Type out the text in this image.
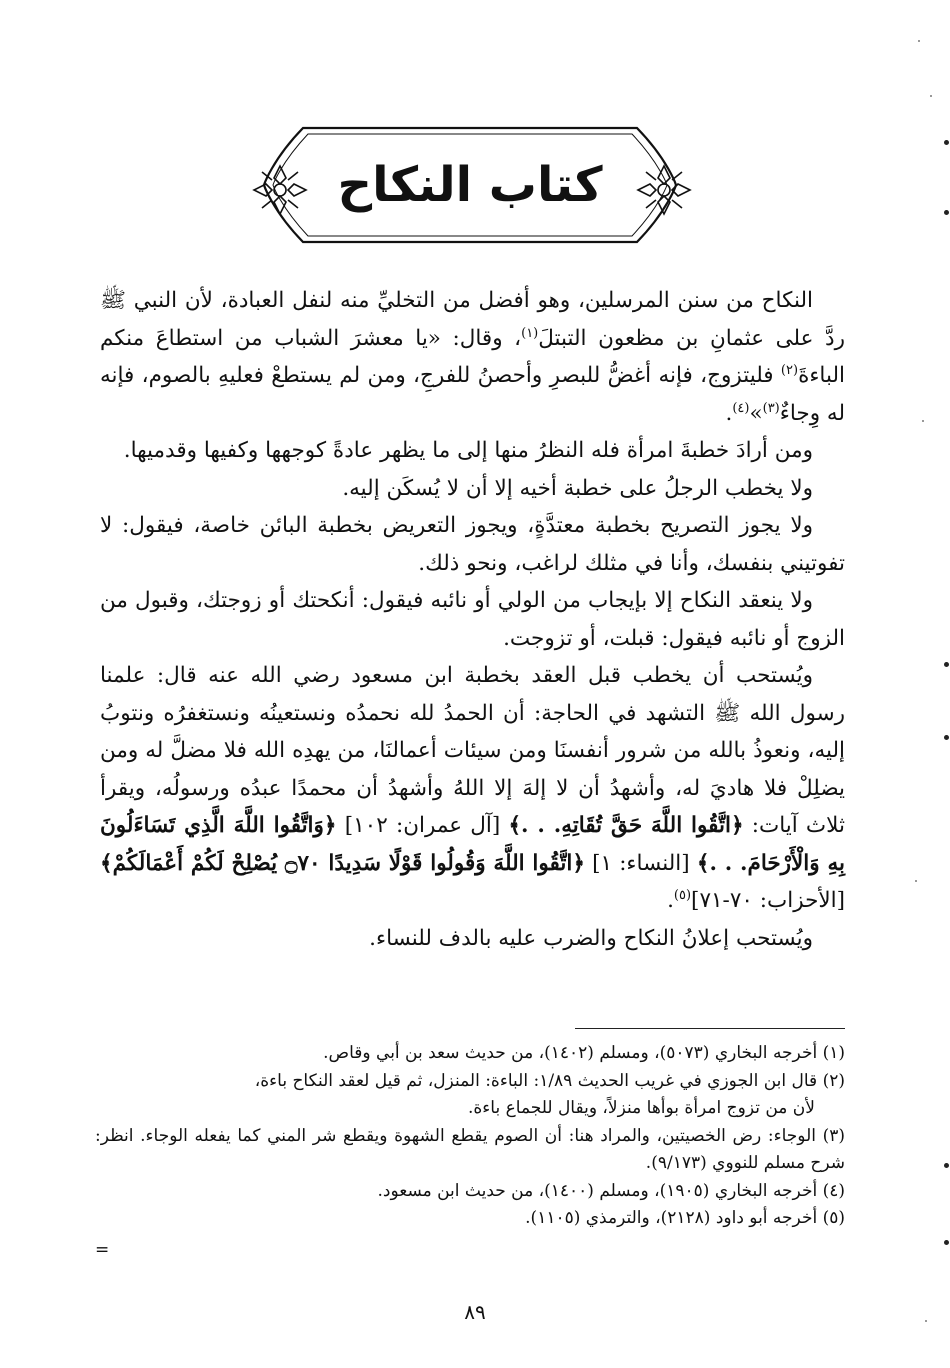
كتاب النكاح

النكاح من سنن المرسلين، وهو أفضل من التخليِّ منه لنفل العبادة، لأن النبي ﷺ ردَّ على عثمانِ بن مظعون التبتلَ$^{(١)}$، وقال: «يا معشرَ الشباب من استطاعَ منكم الباءةَ$^{(٢)}$ فليتزوج، فإنه أغضُّ للبصرِ وأحصنُ للفرجِ، ومن لم يستطعْ فعليهِ بالصوم، فإنه له وِجاءٌ$^{(٣)}$»$^{(٤)}$.

ومن أرادَ خطبةَ امرأة فله النظرُ منها إلى ما يظهر عادةً كوجهها وكفيها وقدميها.

ولا يخطب الرجلُ على خطبة أخيه إلا أن لا يُسكَن إليه.

ولا يجوز التصريح بخطبة معتدَّةٍ، ويجوز التعريض بخطبة البائن خاصة، فيقول: لا تفوتيني بنفسك، وأنا في مثلك لراغب، ونحو ذلك.

ولا ينعقد النكاح إلا بإيجاب من الولي أو نائبه فيقول: أنكحتك أو زوجتك، وقبول من الزوج أو نائبه فيقول: قبلت، أو تزوجت.

ويُستحب أن يخطب قبل العقد بخطبة ابن مسعود رضي الله عنه قال: علمنا رسول الله ﷺ التشهد في الحاجة: أن الحمدُ لله نحمدُه ونستعينُه ونستغفرُه ونتوبُ إليه، ونعوذُ بالله من شرور أنفسنَا ومن سيئات أعمالنَا، من يهدِه الله فلا مضلَّ له ومن يضلِلْ فلا هاديَ له، وأشهدُ أن لا إلهَ إلا اللهُ وأشهدُ أن محمدًا عبدُه ورسولُه، ويقرأ ثلاث آيات: ﴿اتَّقُوا اللَّهَ حَقَّ تُقَاتِهِ. . .﴾ [آل عمران: ١٠٢] ﴿وَاتَّقُوا اللَّهَ الَّذِي تَسَاءَلُونَ بِهِ وَالْأَرْحَامَ. . .﴾ [النساء: ١] ﴿اتَّقُوا اللَّهَ وَقُولُوا قَوْلًا سَدِيدًا ۝٧٠ يُصْلِحْ لَكُمْ أَعْمَالَكُمْ﴾ [الأحزاب: ٧٠-٧١]$^{(٥)}$.

ويُستحب إعلانُ النكاح والضرب عليه بالدف للنساء.

(١) أخرجه البخاري (٥٠٧٣)، ومسلم (١٤٠٢)، من حديث سعد بن أبي وقاص.

(٢) قال ابن الجوزي في غريب الحديث ١/٨٩: الباءة: المنزل، ثم قيل لعقد النكاح باءة،

لأن من تزوج امرأة بوأها منزلاً، ويقال للجماع باءة.

(٣) الوجاء: رض الخصيتين، والمراد هنا: أن الصوم يقطع الشهوة ويقطع شر المني كما يفعله الوجاء. انظر: شرح مسلم للنووي (٩/١٧٣).

(٤) أخرجه البخاري (١٩٠٥)، ومسلم (١٤٠٠)، من حديث ابن مسعود.

(٥) أخرجه أبو داود (٢١٢٨)، والترمذي (١١٠٥).

=
٨٩
